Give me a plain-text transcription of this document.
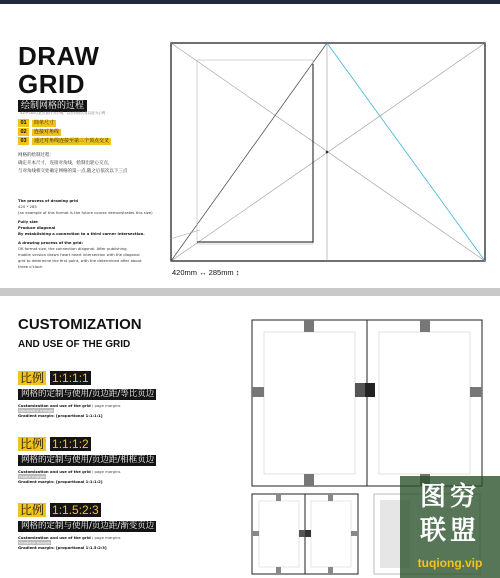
DRAW
GRID
绘制网格的过程
420*285以此页面作为示例，以后的格式将以此为示例
01	简单尺寸
02	连接对角线
03	通过对角线连接至第三个顶点交叉
网格的绘制过程：
确定开本尺寸，连接对角线，绘制出轮心交点，
与对角线相交处确定网格的第一点,随之后依次以下三点
The process of drawing grid
420 * 285
(an example of this format is the future course demonstrates this size)
Fully size
Produce diagonal
By establishing a connection to a third corner intersection.
A drawing process of the grid:
OK format size, the connection diagonal. After publishing
mobile version drawn heart heart intersection with the diagonal
grid to determine the first point, with the determined after about
three o'clock
420mm ↔ 285mm ↕
CUSTOMIZATION
AND USE OF THE GRID
比例 1:1:1:1
网格的定制与使用/页边距/等比页边
Customization and use of the grid / page margins
Geometric margin
Gradient margin: [proportional 1:1:1:1]
比例 1:1:1:2
网格的定制与使用/页边距/相框页边
Customization and use of the grid / page margins
Frame margin
Gradient margin: [proportional 1:1:1:2]
比例 1:1.5:2:3
网格的定制与使用/页边距/渐变页边
Customization and use of the grid / page margins
Gradient margin
Gradient margin: [proportional 1:1.5:2:3]
图穷
联盟
tuqiong.vip
